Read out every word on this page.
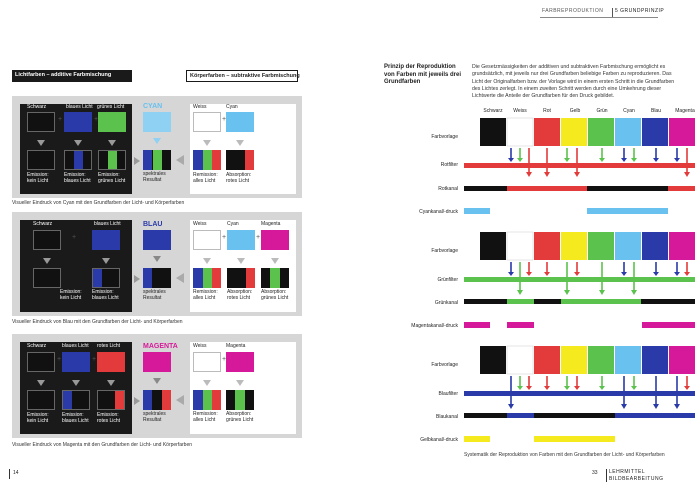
FARBREPRODUKTION 5 GRUNDPRINZIP
Lichtfarben – additive Farbmischung	Körperfarben – subtraktive Farbmischung
Schwarz	blaues Licht grünes Licht
+	+
Emission: kein Licht
Emission: blaues Licht
Emission: grünes Licht
CYAN
spektrales Resultat
Weiss	Cyan
+
Remission: alles Licht
Absorption: rotes Licht
Visueller Eindruck von Cyan mit den Grundfarben der Licht- und Körperfarben
Schwarz	blaues Licht
+
Emission: kein Licht
Emission: blaues Licht
BLAU
spektrales Resultat
Weiss	Cyan	Magenta
+	+
Remission: alles Licht
Absorption: rotes Licht
Absorption: grünes Licht
Visueller Eindruck von Blau mit den Grundfarben der Licht- und Körperfarben
Schwarz	blaues Licht rotes Licht
+	+
Emission: kein Licht
Emission: blaues Licht
Emission: rotes Licht
MAGENTA
spektrales Resultat
Weiss	Magenta
+
Remission: alles Licht
Absorption: grünes Licht
Visueller Eindruck von Magenta mit den Grundfarben der Licht- und Körperfarben
14
Prinzip der Reproduktion von Farben mit jeweils drei Grundfarben
Die Gesetzmässigkeiten der additiven und subtraktiven Farbmischung ermöglicht es grundsätzlich, mit jeweils nur drei Grundfarben beliebige Farben zu reproduzieren. Das Licht der Originalfarben bzw. der Vorlage wird in einem ersten Schritt in die Grundfarben des Lichtes zerlegt. In einem zweiten Schritt werden durch eine Umkehrung dieser Lichtwerte die Anteile der Grundfarben für den Druck gebildet.
Schwarz Weiss	Rot	Gelb	Grün	Cyan	Blau	Magenta
Farbvorlage
Rotfilter
Rotkanal
Cyankanal/-druck
Farbvorlage
Grünfilter
Grünkanal
Magentakanal/-druck
Farbvorlage
Blaufilter
Blaukanal
Gelbkanal/-druck
Systematik der Reproduktion von Farben mit den Grundfarben der Licht- und Körperfarben
33 LEHRMITTEL
BILDBEARBEITUNG
